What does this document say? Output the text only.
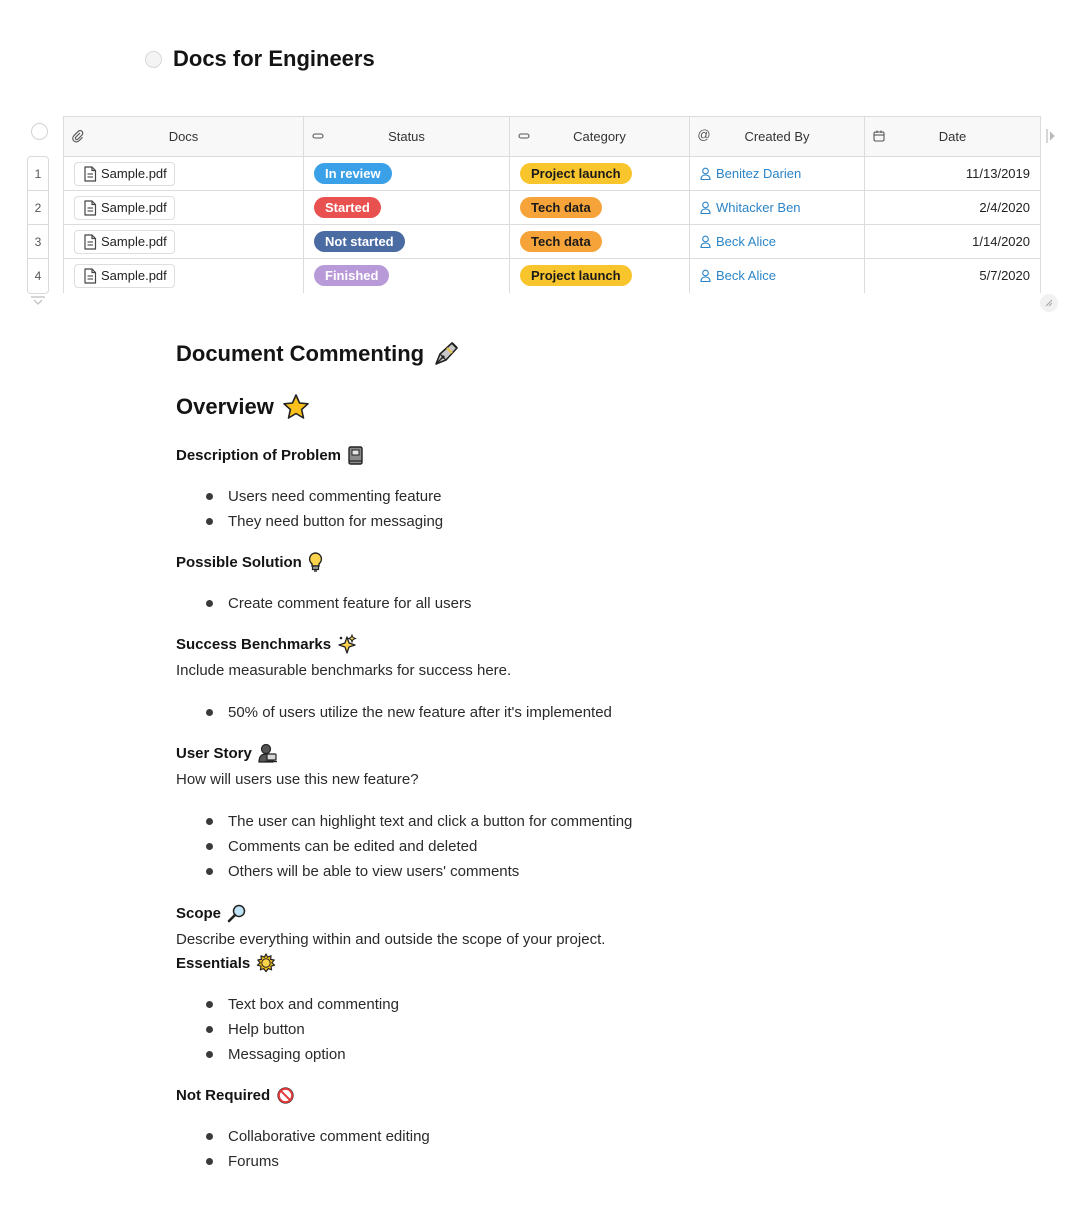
Docs for Engineers
1
2
3
4
Docs	Status	Category	@ Created By	Date

Sample.pdf	In review	Project launch	Benitez Darien	11/13/2019

Sample.pdf	Started	Tech data	Whitacker Ben	2/4/2020

Sample.pdf	Not started	Tech data	Beck Alice	1/14/2020

Sample.pdf	Finished	Project launch	Beck Alice	5/7/2020
Document Commenting
Overview
Description of Problem
Users need commenting feature
They need button for messaging
Possible Solution
Create comment feature for all users
Success Benchmarks
Include measurable benchmarks for success here.
50% of users utilize the new feature after it's implemented
User Story
How will users use this new feature?
The user can highlight text and click a button for commenting
Comments can be edited and deleted
Others will be able to view users' comments
Scope
Describe everything within and outside the scope of your project.
Essentials
Text box and commenting
Help button
Messaging option
Not Required
Collaborative comment editing
Forums
